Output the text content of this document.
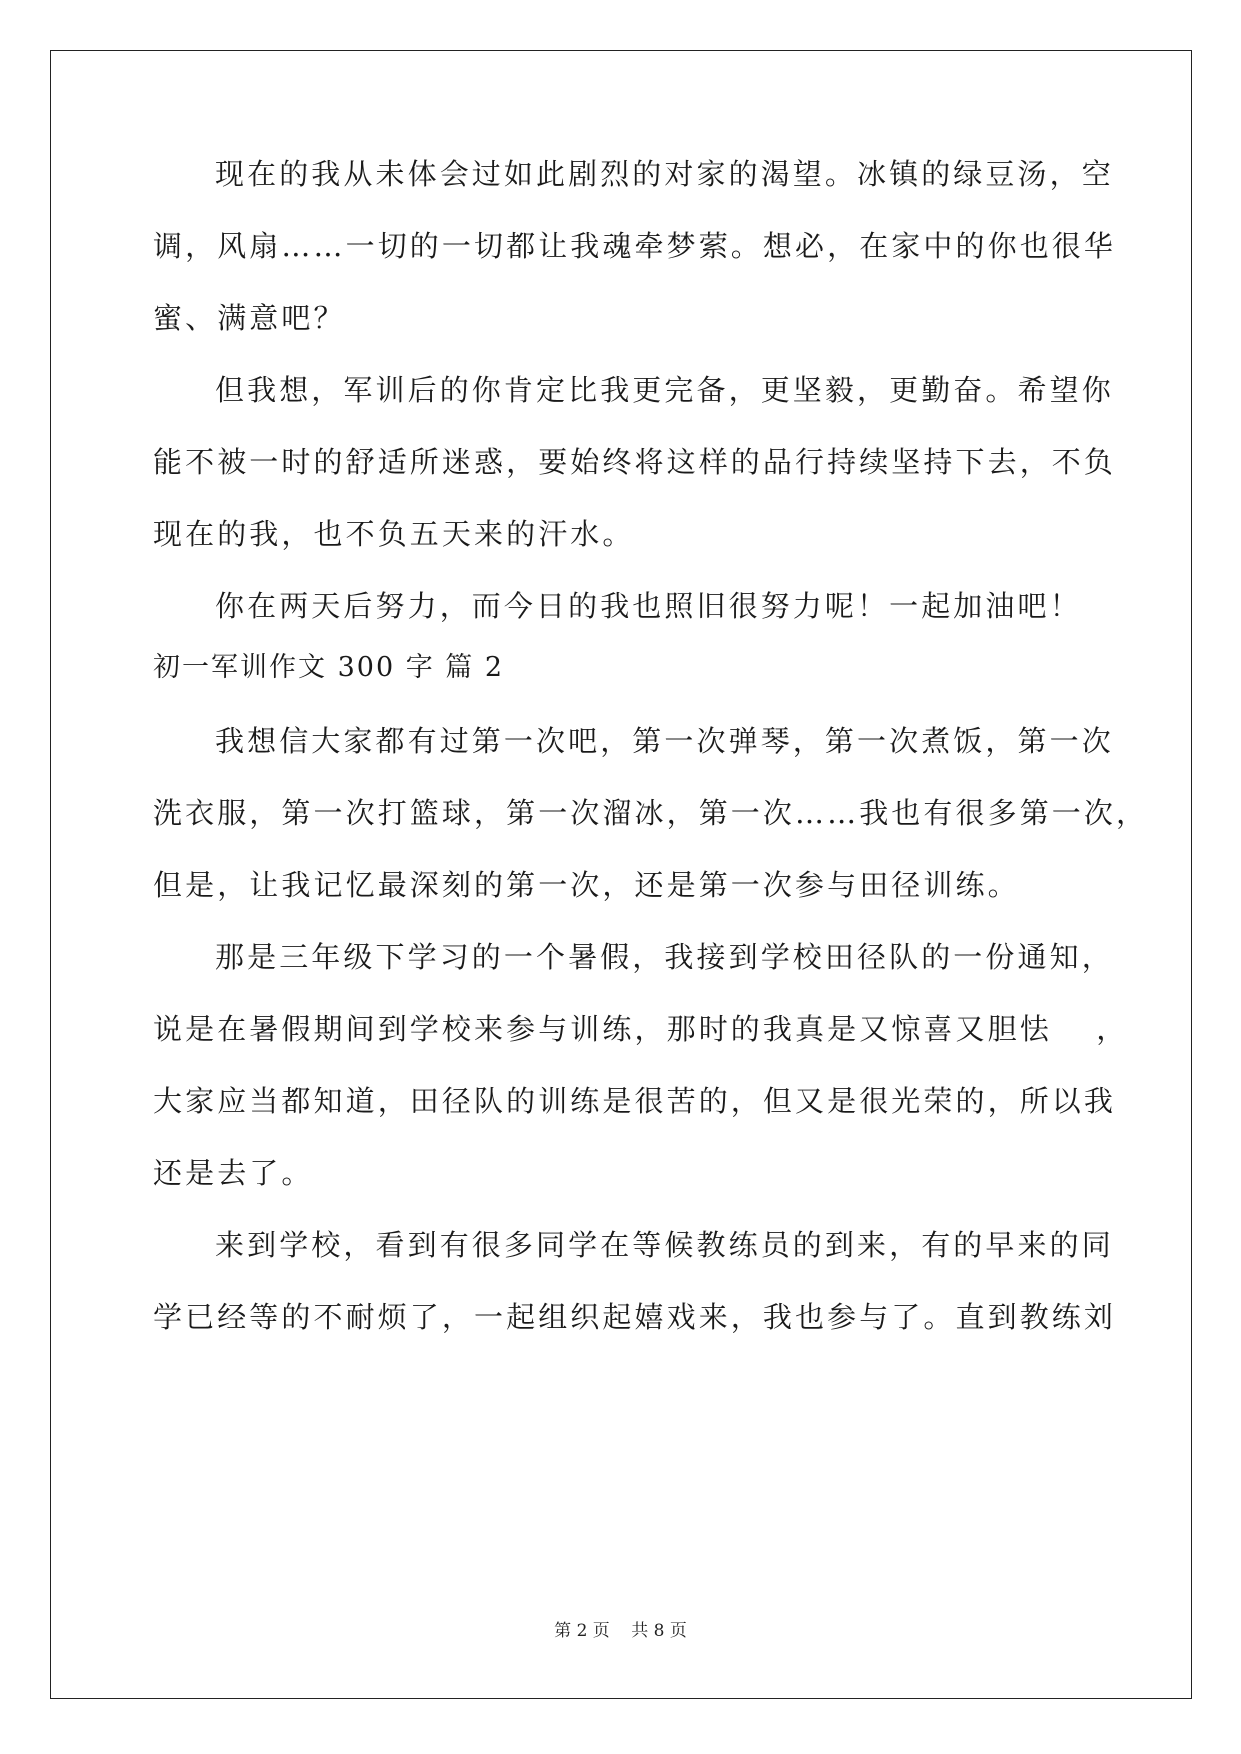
现在的我从未体会过如此剧烈的对家的渴望。冰镇的绿豆汤，空
调，风扇……一切的一切都让我魂牵梦萦。想必，在家中的你也很华
蜜、满意吧？
但我想，军训后的你肯定比我更完备，更坚毅，更勤奋。希望你
能不被一时的舒适所迷惑，要始终将这样的品行持续坚持下去，不负
现在的我，也不负五天来的汗水。
你在两天后努力，而今日的我也照旧很努力呢！一起加油吧！
初一军训作文 300 字 篇 2
我想信大家都有过第一次吧，第一次弹琴，第一次煮饭，第一次
洗衣服，第一次打篮球，第一次溜冰，第一次……我也有很多第一次，
但是，让我记忆最深刻的第一次，还是第一次参与田径训练。
那是三年级下学习的一个暑假，我接到学校田径队的一份通知，
说是在暑假期间到学校来参与训练，那时的我真是又惊喜又胆怯　 ，
大家应当都知道，田径队的训练是很苦的，但又是很光荣的，所以我
还是去了。
来到学校，看到有很多同学在等候教练员的到来，有的早来的同
学已经等的不耐烦了，一起组织起嬉戏来，我也参与了。直到教练刘
第 2 页 共 8 页
